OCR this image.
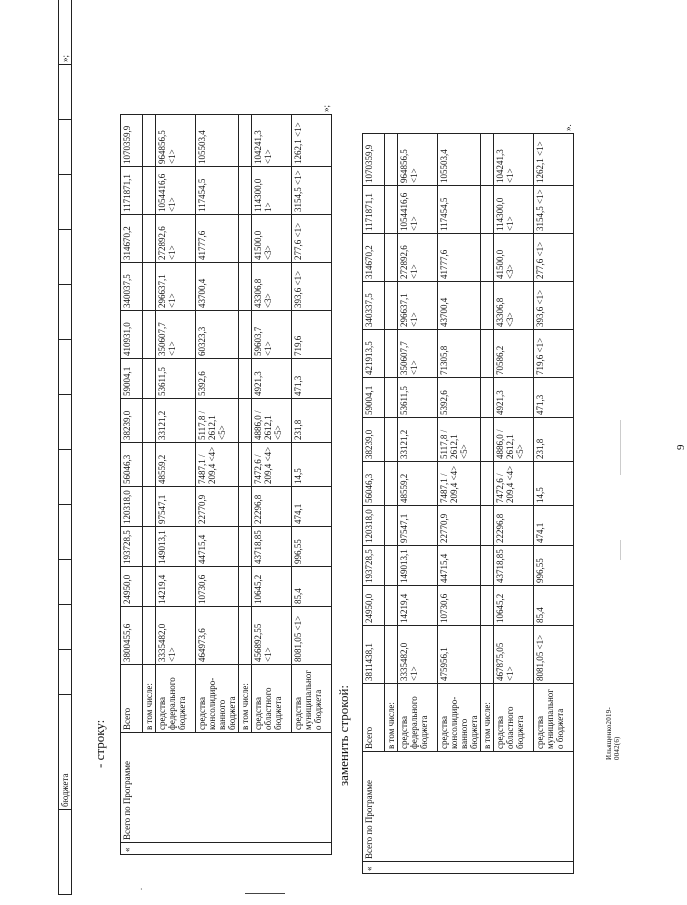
9
Ильященко2019-0042(6)
	бюджета													»;
- строку:	заменить строкой:
«	Всего по Программе	Всего	3800455,6	24950,0	193728,5	120318,0	56046,3	38239,0	59004,1	410931,0	340037,5	314670,2	1171871,1	1070359,9	»;
		в том числе:													
		средства федерального бюджета	3335482,0 <1>	14219,4	149013,1	97547,1	48559,2	33121,2	53611,5	350607,7 <1>	296637,1 <1>	272892,6 <1>	1054416,6 <1>	964856,5 <1>	
		средства консолидиро-ванного бюджета	464973,6	10730,6	44715,4	22770,9	7487,1 / 209,4 <4>	5117,8 / 2612,1 <5>	5392,6	60323,3	43700,4	41777,6	117454,5	105503,4	
		в том числе:													
		средства областного бюджета	456892,55 <1>	10645,2	43718,85	22296,8	7472,6 / 209,4 <4>	4886,0 / 2612,1 <5>	4921,3	59603,7 <1>	43306,8 <3>	41500,0 <3>	114300,0 1>	104241,3 <1>	
		средства муниципального бюджета	8081,05 <1>	85,4	996,55	474,1	14,5	231,8	471,3	719,6	393,6 <1>	277,6 <1>	3154,5 <1>	1262,1 <1>	
«	Всего по Программе	Всего	3811438,1	24950,0	193728,5	120318,0	56046,3	38239,0	59004,1	421913,5	340337,5	314670,2	1171871,1	1070359,9	».
		в том числе:													
		средства федерального бюджета	3335482,0 <1>	14219,4	149013,1	97547,1	48559,2	33121,2	53611,5	350607,7 <1>	296637,1 <1>	272892,6 <1>	1054416,6 <1>	964856,5 <1>	
		средства консолидиро-ванного бюджета	475956,1	10730,6	44715,4	22770,9	7487,1 / 209,4 <4>	5117,8 / 2612,1 <5>	5392,6	71305,8	43700,4	41777,6	117454,5	105503,4	
		в том числе:													
		средства областного бюджета	467875,05 <1>	10645,2	43718,85	22296,8	7472,6 / 209,4 <4>	4886,0 / 2612,1 <5>	4921,3	70586,2	43306,8 <3>	41500,0 <3>	114300,0 <1>	104241,3 <1>	
		средства муниципального бюджета	8081,05 <1>	85,4	996,55	474,1	14,5	231,8	471,3	719,6 <1>	393,6 <1>	277,6 <1>	3154,5 <1>	1262,1 <1>	
·
